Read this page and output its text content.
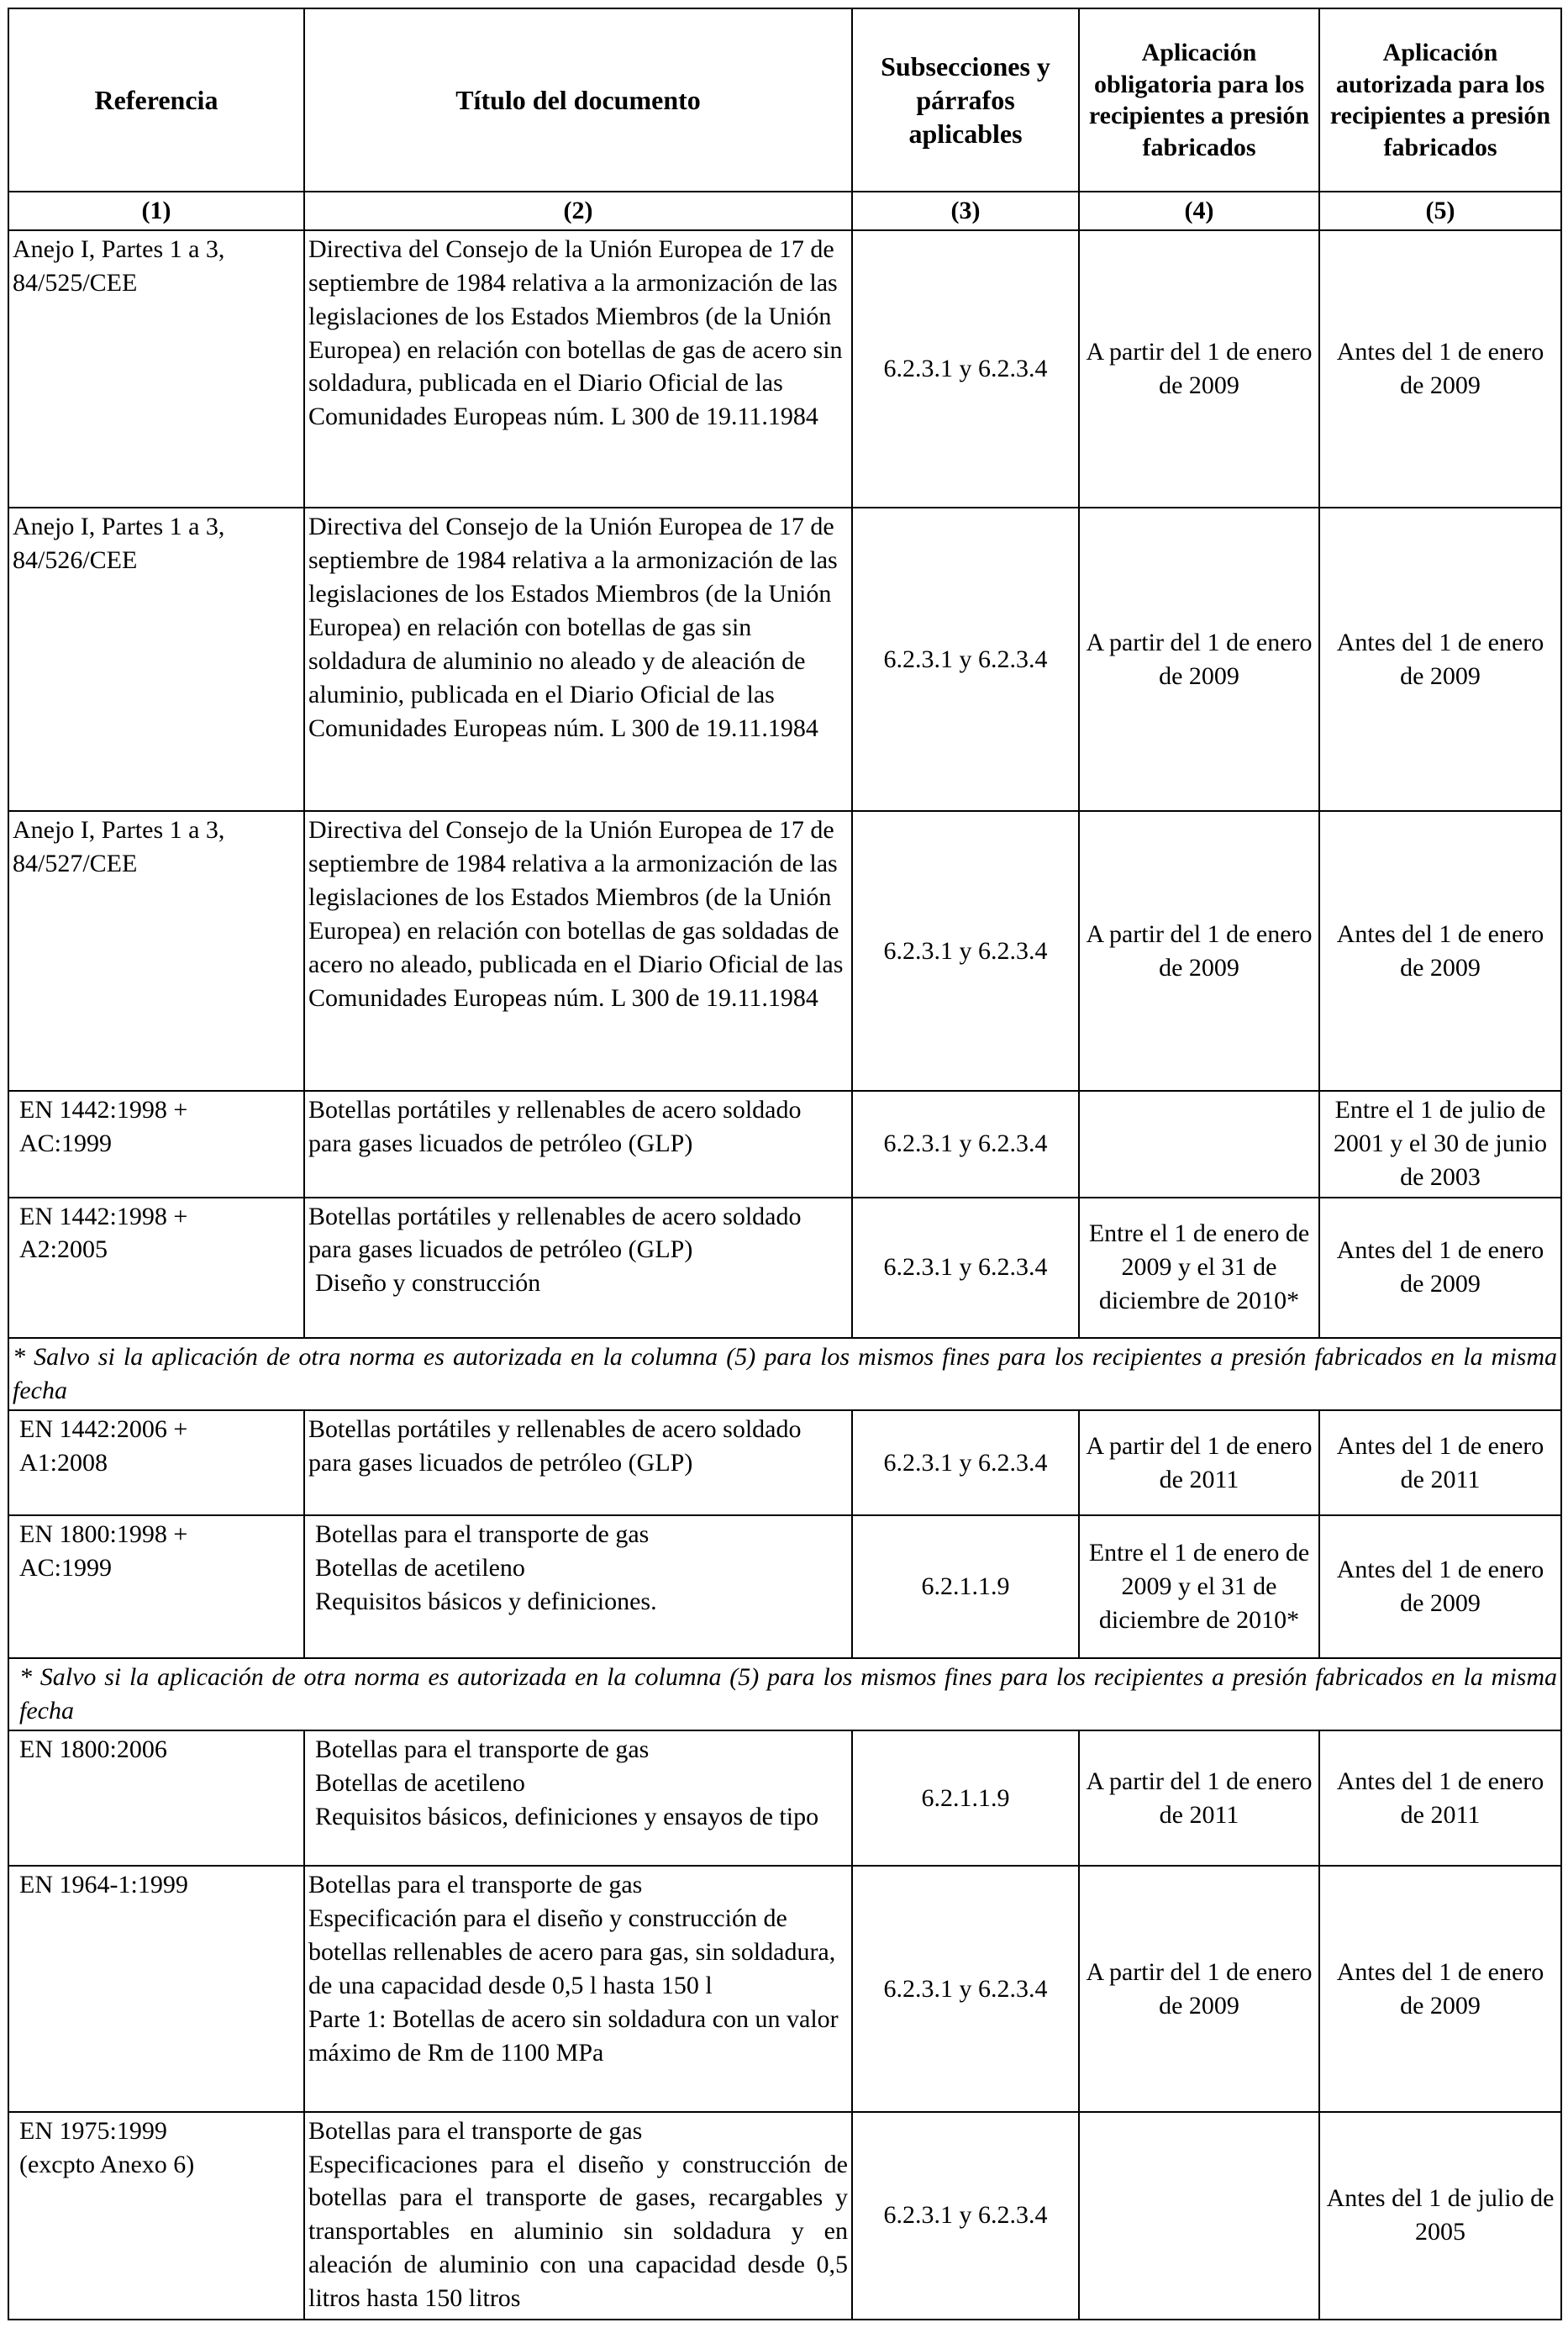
Referencia	Título del documento	Subsecciones y párrafos aplicables	Aplicación obligatoria para los recipientes a presión fabricados	Aplicación autorizada para los recipientes a presión fabricados
(1)	(2)	(3)	(4)	(5)

Anejo I, Partes 1 a 3,
84/525/CEE	Directiva del Consejo de la Unión Europea de 17 de septiembre de 1984 relativa a la armonización de las legislaciones de los Estados Miembros (de la Unión Europea) en relación con botellas de gas de acero sin soldadura, publicada en el Diario Oficial de las Comunidades Europeas núm. L 300 de 19.11.1984	6.2.3.1 y 6.2.3.4	A partir del 1 de enero de 2009	Antes del 1 de enero de 2009

Anejo I, Partes 1 a 3,
84/526/CEE	Directiva del Consejo de la Unión Europea de 17 de septiembre de 1984 relativa a la armonización de las legislaciones de los Estados Miembros (de la Unión Europea) en relación con botellas de gas sin soldadura de aluminio no aleado y de aleación de aluminio, publicada en el Diario Oficial de las Comunidades Europeas núm. L 300 de 19.11.1984	6.2.3.1 y 6.2.3.4	A partir del 1 de enero de 2009	Antes del 1 de enero de 2009

Anejo I, Partes 1 a 3,
84/527/CEE	Directiva del Consejo de la Unión Europea de 17 de septiembre de 1984 relativa a la armonización de las legislaciones de los Estados Miembros (de la Unión Europea) en relación con botellas de gas soldadas de acero no aleado, publicada en el Diario Oficial de las Comunidades Europeas núm. L 300 de 19.11.1984	6.2.3.1 y 6.2.3.4	A partir del 1 de enero de 2009	Antes del 1 de enero de 2009

EN 1442:1998 +
AC:1999	Botellas portátiles y rellenables de acero soldado para gases licuados de petróleo (GLP)	6.2.3.1 y 6.2.3.4		Entre el 1 de julio de 2001 y el 30 de junio de 2003

EN 1442:1998 +
A2:2005	Botellas portátiles y rellenables de acero soldado para gases licuados de petróleo (GLP)
Diseño y construcción	6.2.3.1 y 6.2.3.4	Entre el 1 de enero de 2009 y el 31 de diciembre de 2010*	Antes del 1 de enero de 2009
* Salvo si la aplicación de otra norma es autorizada en la columna (5) para los mismos fines para los recipientes a presión fabricados en la misma fecha				

EN 1442:2006 +
A1:2008	Botellas portátiles y rellenables de acero soldado para gases licuados de petróleo (GLP)	6.2.3.1 y 6.2.3.4	A partir del 1 de enero de 2011	Antes del 1 de enero de 2011

EN 1800:1998 +
AC:1999	Botellas para el transporte de gas
Botellas de acetileno
Requisitos básicos y definiciones.	6.2.1.1.9	Entre el 1 de enero de 2009 y el 31 de diciembre de 2010*	Antes del 1 de enero de 2009
* Salvo si la aplicación de otra norma es autorizada en la columna (5) para los mismos fines para los recipientes a presión fabricados en la misma fecha				

EN 1800:2006	Botellas para el transporte de gas
Botellas de acetileno
Requisitos básicos, definiciones y ensayos de tipo	6.2.1.1.9	A partir del 1 de enero de 2011	Antes del 1 de enero de 2011

EN 1964-1:1999	Botellas para el transporte de gas
Especificación para el diseño y construcción de botellas rellenables de acero para gas, sin soldadura, de una capacidad desde 0,5 l hasta 150 l
Parte 1: Botellas de acero sin soldadura con un valor máximo de Rm de 1100 MPa	6.2.3.1 y 6.2.3.4	A partir del 1 de enero de 2009	Antes del 1 de enero de 2009

EN 1975:1999
(excpto Anexo 6)	Botellas para el transporte de gas
Especificaciones para el diseño y construcción de botellas para el transporte de gases, recargables y transportables en aluminio sin soldadura y en aleación de aluminio con una capacidad desde 0,5 litros hasta 150 litros	6.2.3.1 y 6.2.3.4		Antes del 1 de julio de 2005
